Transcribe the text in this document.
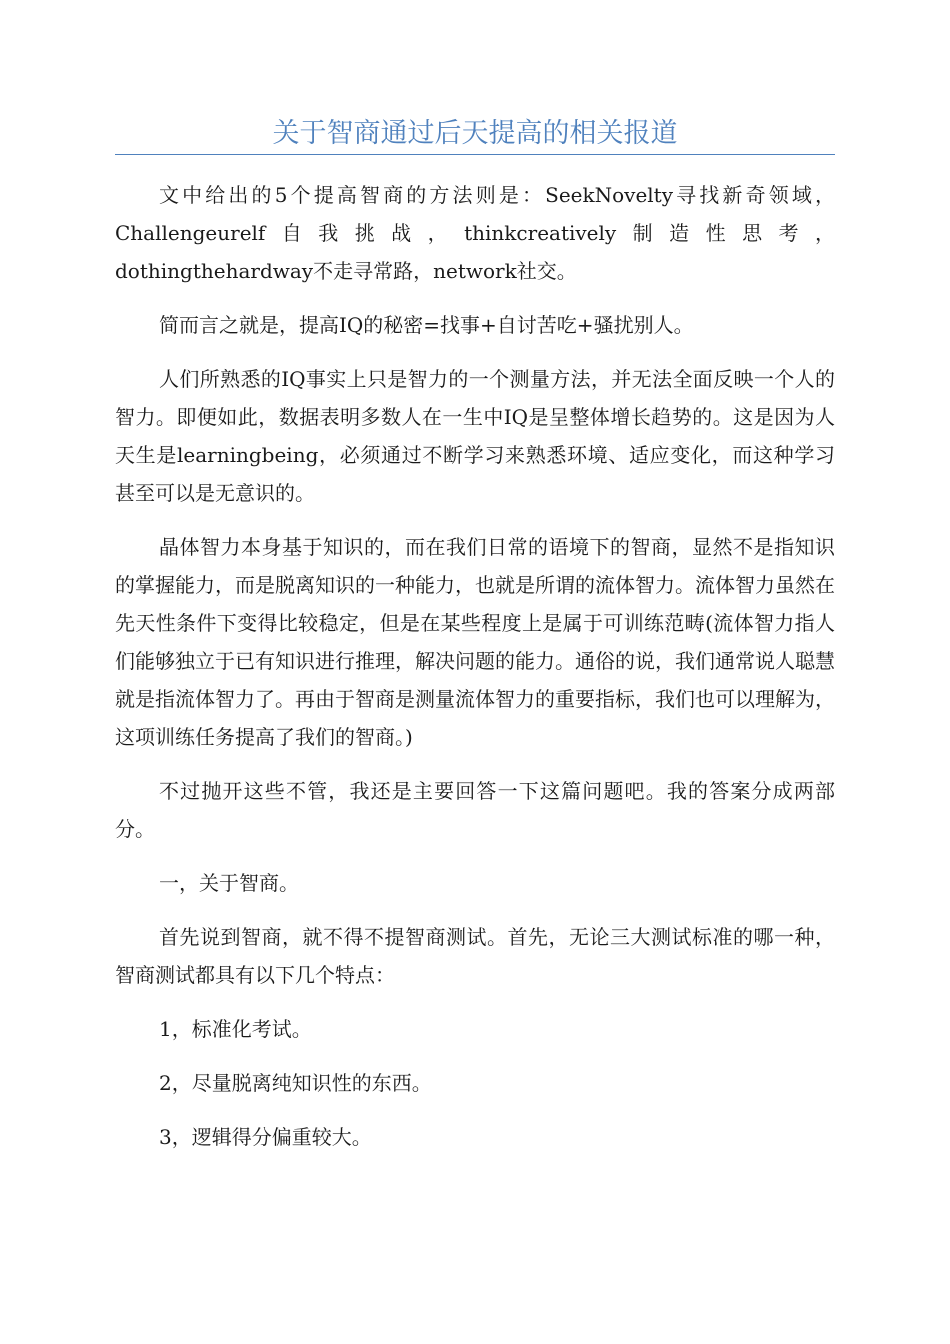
关于智商通过后天提高的相关报道

文中给出的5个提高智商的方法则是：SeekNovelty寻找新奇领域，Challengeurelf自我挑战，thinkcreatively制造性思考，dothingthehardway不走寻常路，network社交。

简而言之就是，提高IQ的秘密=找事+自讨苦吃+骚扰别人。

人们所熟悉的IQ事实上只是智力的一个测量方法，并无法全面反映一个人的智力。即便如此，数据表明多数人在一生中IQ是呈整体增长趋势的。这是因为人天生是learningbeing，必须通过不断学习来熟悉环境、适应变化，而这种学习甚至可以是无意识的。

晶体智力本身基于知识的，而在我们日常的语境下的智商，显然不是指知识的掌握能力，而是脱离知识的一种能力，也就是所谓的流体智力。流体智力虽然在先天性条件下变得比较稳定，但是在某些程度上是属于可训练范畴(流体智力指人们能够独立于已有知识进行推理，解决问题的能力。通俗的说，我们通常说人聪慧就是指流体智力了。再由于智商是测量流体智力的重要指标，我们也可以理解为，这项训练任务提高了我们的智商。)

不过抛开这些不管，我还是主要回答一下这篇问题吧。我的答案分成两部分。

一，关于智商。

首先说到智商，就不得不提智商测试。首先，无论三大测试标准的哪一种，智商测试都具有以下几个特点：

1，标准化考试。

2，尽量脱离纯知识性的东西。

3，逻辑得分偏重较大。
